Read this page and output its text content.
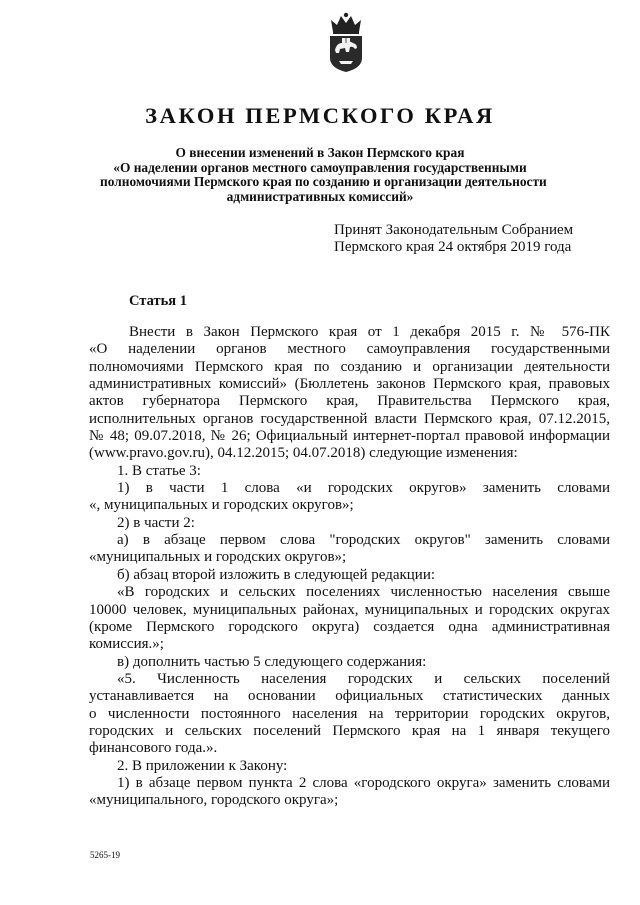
ЗАКОН ПЕРМСКОГО КРАЯ
О внесении изменений в Закон Пермского края
«О наделении органов местного самоуправления государственными
полномочиями Пермского края по созданию и организации деятельности
административных комиссий»
Принят Законодательным Собранием
Пермского края 24 октября 2019 года
Статья 1
Внести в Закон Пермского края от 1 декабря 2015 г. № 576-ПК
«О наделении органов местного самоуправления государственными
полномочиями Пермского края по созданию и организации деятельности
административных комиссий» (Бюллетень законов Пермского края, правовых
актов губернатора Пермского края, Правительства Пермского края,
исполнительных органов государственной власти Пермского края, 07.12.2015,
№ 48; 09.07.2018, № 26; Официальный интернет-портал правовой информации
(www.pravo.gov.ru), 04.12.2015; 04.07.2018) следующие изменения:
1. В статье 3:
1) в части 1 слова «и городских округов» заменить словами
«, муниципальных и городских округов»;
2) в части 2:
а) в абзаце первом слова "городских округов" заменить словами
«муниципальных и городских округов»;
б) абзац второй изложить в следующей редакции:
«В городских и сельских поселениях численностью населения свыше
10000 человек, муниципальных районах, муниципальных и городских округах
(кроме Пермского городского округа) создается одна административная
комиссия.»;
в) дополнить частью 5 следующего содержания:
«5. Численность населения городских и сельских поселений
устанавливается на основании официальных статистических данных
о численности постоянного населения на территории городских округов,
городских и сельских поселений Пермского края на 1 января текущего
финансового года.».
2. В приложении к Закону:
1) в абзаце первом пункта 2 слова «городского округа» заменить словами
«муниципального, городского округа»;
5265-19
